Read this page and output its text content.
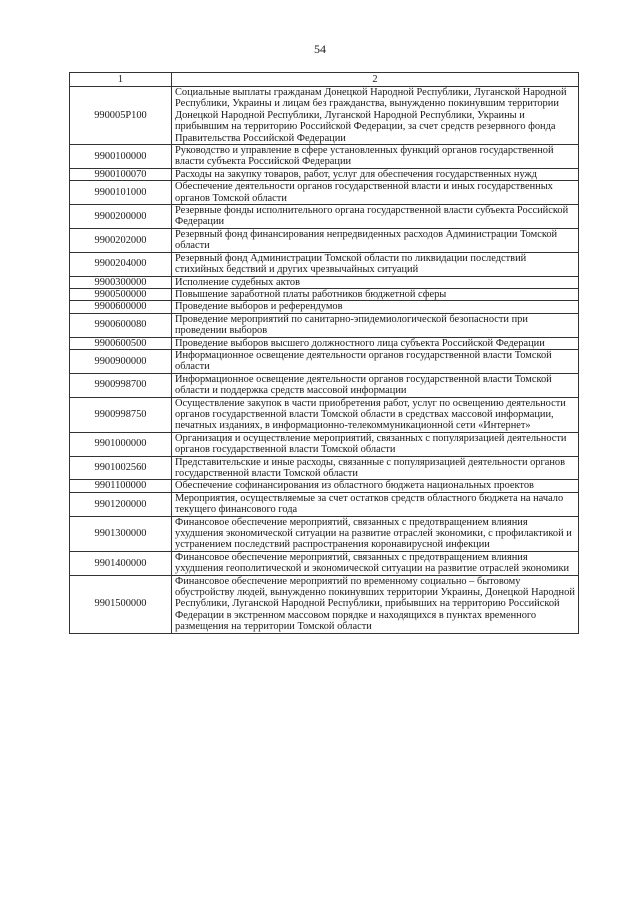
54
1	2
990005Р100	Социальные выплаты гражданам Донецкой Народной Республики, Луганской Народной Республики, Украины и лицам без гражданства, вынужденно покинувшим территории Донецкой Народной Республики, Луганской Народной Республики, Украины и прибывшим на территорию Российской Федерации, за счет средств резервного фонда Правительства Российской Федерации
9900100000	Руководство и управление в сфере установленных функций органов государственной власти субъекта Российской Федерации
9900100070	Расходы на закупку товаров, работ, услуг для обеспечения государственных нужд
9900101000	Обеспечение деятельности органов государственной власти и иных государственных органов Томской области
9900200000	Резервные фонды исполнительного органа государственной власти субъекта Российской Федерации
9900202000	Резервный фонд финансирования непредвиденных расходов Администрации Томской области
9900204000	Резервный фонд Администрации Томской области по ликвидации последствий стихийных бедствий и других чрезвычайных ситуаций
9900300000	Исполнение судебных актов
9900500000	Повышение заработной платы работников бюджетной сферы
9900600000	Проведение выборов и референдумов
9900600080	Проведение мероприятий по санитарно-эпидемиологической безопасности при проведении выборов
9900600500	Проведение выборов высшего должностного лица субъекта Российской Федерации
9900900000	Информационное освещение деятельности органов государственной власти Томской области
9900998700	Информационное освещение деятельности органов государственной власти Томской области и поддержка средств массовой информации
9900998750	Осуществление закупок в части приобретения работ, услуг по освещению деятельности органов государственной власти Томской области в средствах массовой информации, печатных изданиях, в информационно-телекоммуникационной сети «Интернет»
9901000000	Организация и осуществление мероприятий, связанных с популяризацией деятельности органов государственной власти Томской области
9901002560	Представительские и иные расходы, связанные с популяризацией деятельности органов государственной власти Томской области
9901100000	Обеспечение софинансирования из областного бюджета национальных проектов
9901200000	Мероприятия, осуществляемые за счет остатков средств областного бюджета на начало текущего финансового года
9901300000	Финансовое обеспечение мероприятий, связанных с предотвращением влияния ухудшения экономической ситуации на развитие отраслей экономики, с профилактикой и устранением последствий распространения коронавирусной инфекции
9901400000	Финансовое обеспечение мероприятий, связанных с предотвращением влияния ухудшения геополитической и экономической ситуации на развитие отраслей экономики
9901500000	Финансовое обеспечение мероприятий по временному социально – бытовому обустройству людей, вынужденно покинувших территории Украины, Донецкой Народной Республики, Луганской Народной Республики, прибывших на территорию Российской Федерации в экстренном массовом порядке и находящихся в пунктах временного размещения на территории Томской области
